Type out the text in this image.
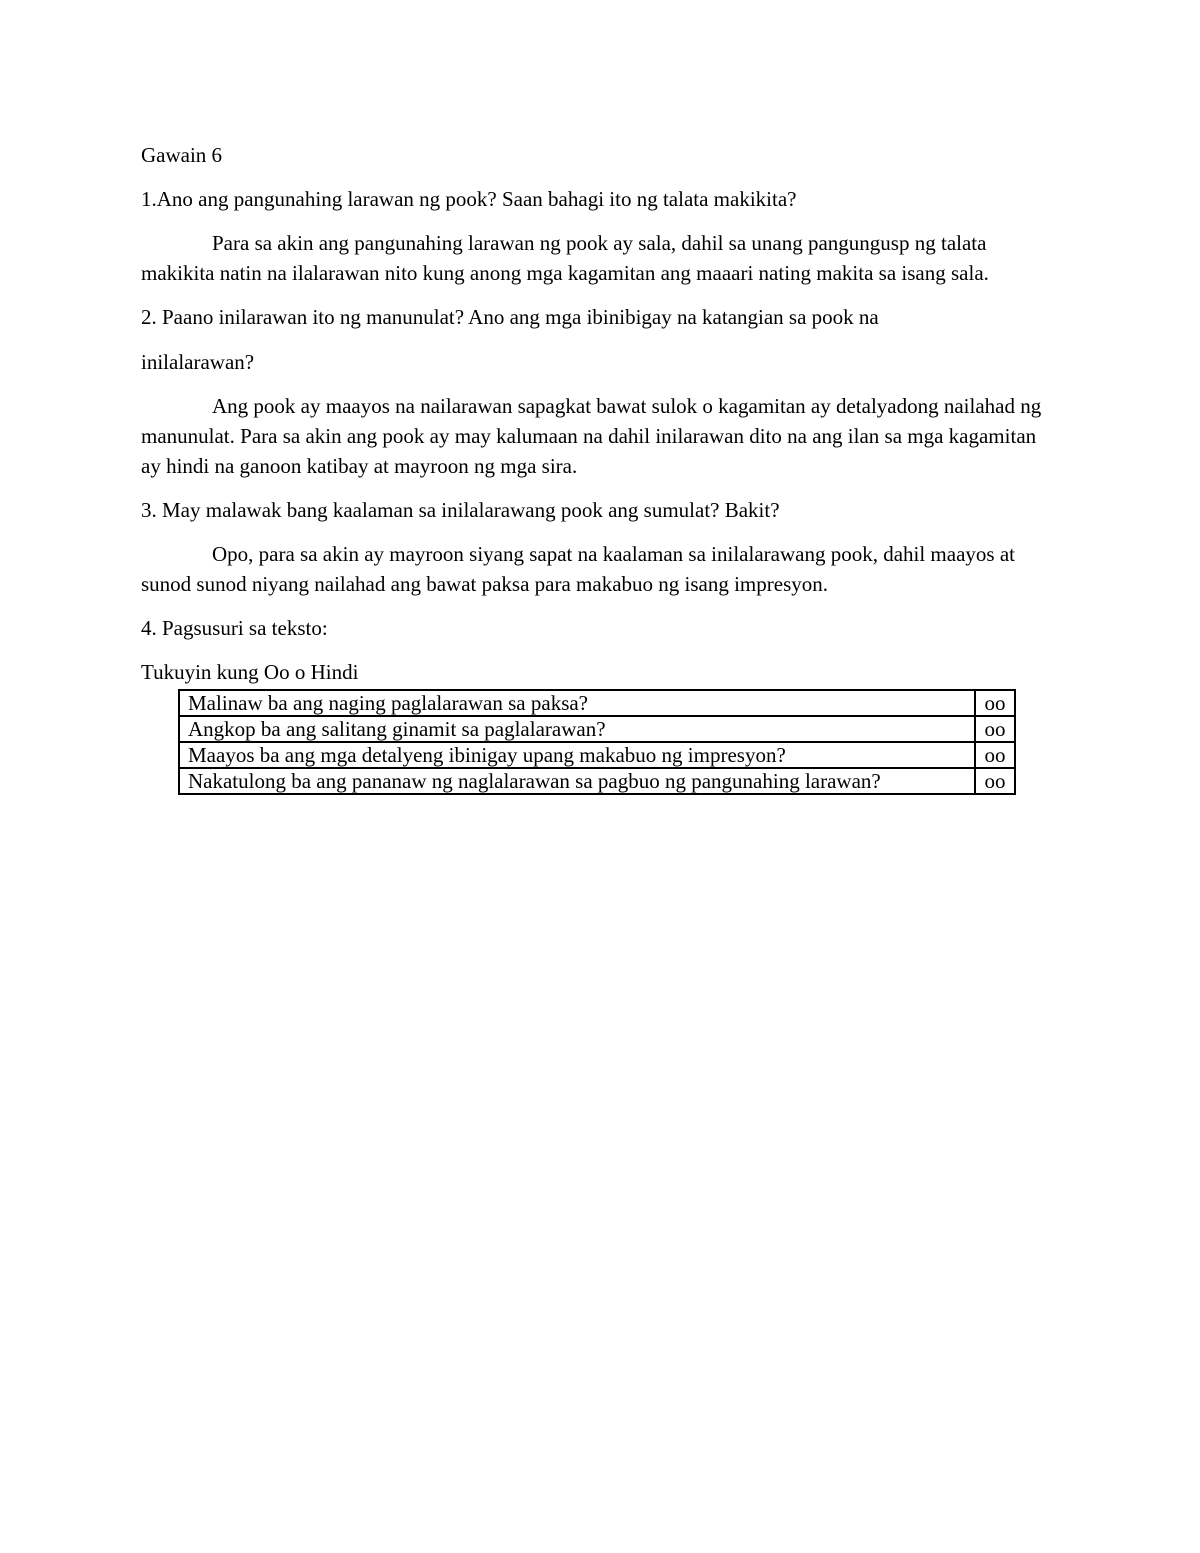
Gawain 6

1.Ano ang pangunahing larawan ng pook? Saan bahagi ito ng talata makikita?

Para sa akin ang pangunahing larawan ng pook ay sala, dahil sa unang pangungusp ng talata makikita natin na ilalarawan nito kung anong mga kagamitan ang maaari nating makita sa isang sala.

2. Paano inilarawan ito ng manunulat? Ano ang mga ibinibigay na katangian sa pook na
inilalarawan?

Ang pook ay maayos na nailarawan sapagkat bawat sulok o kagamitan ay detalyadong nailahad ng manunulat. Para sa akin ang pook ay may kalumaan na dahil inilarawan dito na ang ilan sa mga kagamitan ay hindi na ganoon katibay at mayroon ng mga sira.

3. May malawak bang kaalaman sa inilalarawang pook ang sumulat? Bakit?

Opo, para sa akin ay mayroon siyang sapat na kaalaman sa inilalarawang pook, dahil maayos at sunod sunod niyang nailahad ang bawat paksa para makabuo ng isang impresyon.

4. Pagsusuri sa teksto:

Tukuyin kung Oo o Hindi

Malinaw ba ang naging paglalarawan sa paksa?	oo
Angkop ba ang salitang ginamit sa paglalarawan?	oo
Maayos ba ang mga detalyeng ibinigay upang makabuo ng impresyon?	oo
Nakatulong ba ang pananaw ng naglalarawan sa pagbuo ng pangunahing larawan?	oo
